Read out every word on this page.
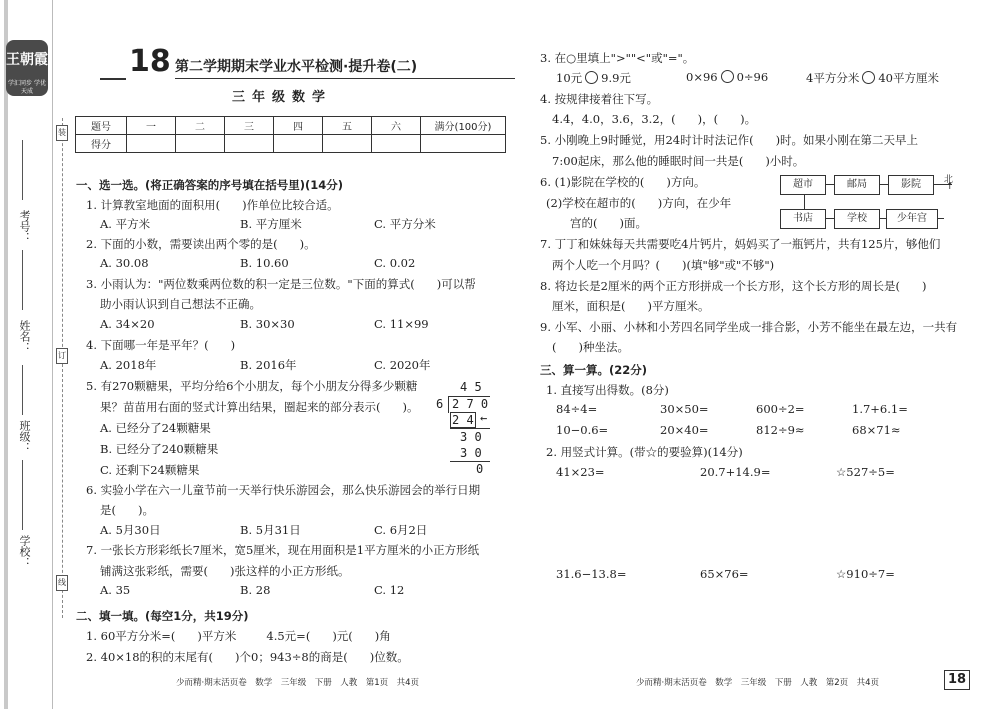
王朝霞
学汇同步 学优天成
考号：
姓名：
班级：
学校：
装
订
线
18 第二学期期末学业水平检测·提升卷(二)
三年级数学
题号	一	二	三	四	五	六	满分(100分)
得分							
一、选一选。(将正确答案的序号填在括号里)(14分)
1. 计算教室地面的面积用( )作单位比较合适。
A. 平方米	B. 平方厘米	C. 平方分米
2. 下面的小数，需要读出两个零的是( )。
A. 30.08	B. 10.60	C. 0.02
3. 小雨认为："两位数乘两位数的积一定是三位数。"下面的算式( )可以帮
助小雨认识到自己想法不正确。
A. 34×20	B. 30×30	C. 11×99
4. 下面哪一年是平年？( )
A. 2018年	B. 2016年	C. 2020年
5. 有270颗糖果，平均分给6个小朋友，每个小朋友分得多少颗糖
果？苗苗用右面的竖式计算出结果，圈起来的部分表示( )。
A. 已经分了24颗糖果
B. 已经分了240颗糖果
C. 还剩下24颗糖果
4 5
6 2 7 0
2 4 ←
3 0
3 0
0
6. 实验小学在六一儿童节前一天举行快乐游园会，那么快乐游园会的举行日期
是( )。
A. 5月30日	B. 5月31日	C. 6月2日
7. 一张长方形彩纸长7厘米，宽5厘米，现在用面积是1平方厘米的小正方形纸
铺满这张彩纸，需要( )张这样的小正方形纸。
A. 35	B. 28	C. 12
二、填一填。(每空1分，共19分)
1. 60平方分米=( )平方米	4.5元=( )元( )角
2. 40×18的积的末尾有( )个0；943÷8的商是( )位数。
少而精·期末活页卷　数学　三年级　下册　人教　第1页　共4页
3. 在○里填上">""<"或"="。
10元 9.9元	0×96 0÷96	4平方分米 40平方厘米
4. 按规律接着往下写。
4.4，4.0，3.6，3.2，( )，( )。
5. 小刚晚上9时睡觉，用24时计时法记作( )时。如果小刚在第二天早上
7:00起床，那么他的睡眠时间一共是( )小时。
6. (1)影院在学校的( )方向。
(2)学校在超市的( )方向，在少年
宫的( )面。
超市	邮局	影院
书店	学校	少年宫
北
↑
7. 丁丁和妹妹每天共需要吃4片钙片，妈妈买了一瓶钙片，共有125片，够他们
两个人吃一个月吗？( )(填"够"或"不够")
8. 将边长是2厘米的两个正方形拼成一个长方形，这个长方形的周长是( )
厘米，面积是( )平方厘米。
9. 小军、小丽、小林和小芳四名同学坐成一排合影，小芳不能坐在最左边，一共有
( )种坐法。
三、算一算。(22分)
1. 直接写出得数。(8分)
84÷4=	30×50=	600÷2=	1.7+6.1=
10−0.6=	20×40=	812÷9≈	68×71≈
2. 用竖式计算。(带☆的要验算)(14分)
41×23=	20.7+14.9=	☆527÷5=
31.6−13.8=	65×76=	☆910÷7=
少而精·期末活页卷　数学　三年级　下册　人教　第2页　共4页	18
